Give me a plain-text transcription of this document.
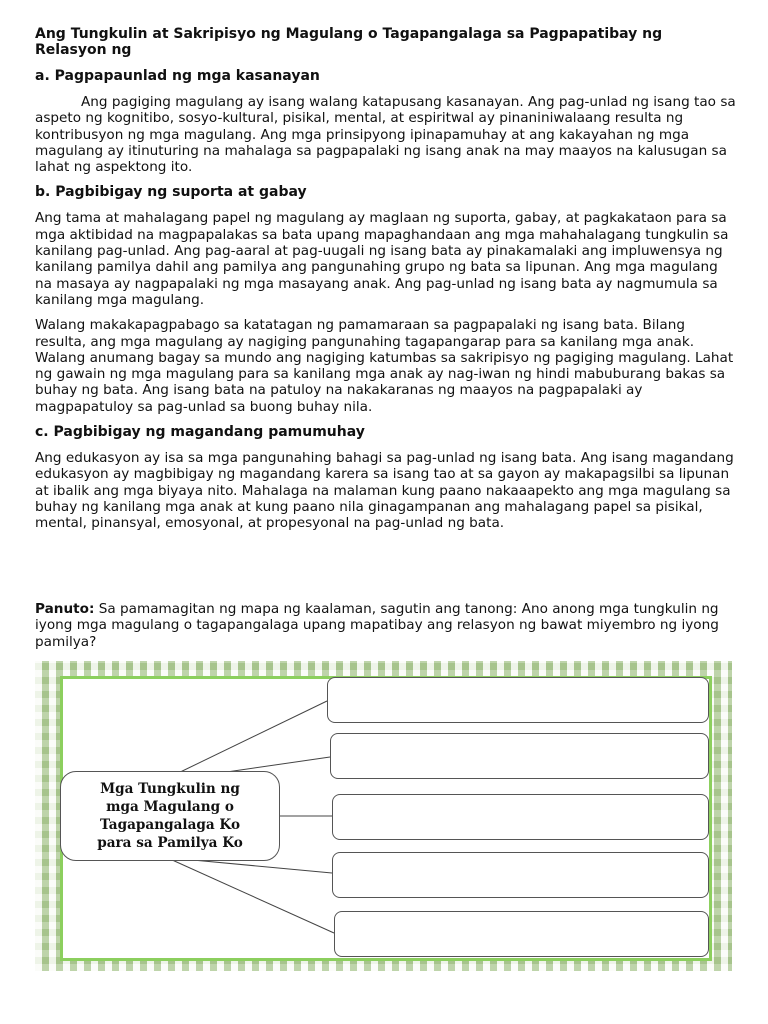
Ang Tungkulin at Sakripisyo ng Magulang o Tagapangalaga sa Pagpapatibay ng Relasyon ng

a. Pagpapaunlad ng mga kasanayan

Ang pagiging magulang ay isang walang katapusang kasanayan. Ang pag-unlad ng isang tao sa aspeto ng kognitibo, sosyo-kultural, pisikal, mental, at espiritwal ay pinaniniwalaang resulta ng kontribusyon ng mga magulang. Ang mga prinsipyong ipinapamuhay at ang kakayahan ng mga magulang ay itinuturing na mahalaga sa pagpapalaki ng isang anak na may maayos na kalusugan sa lahat ng aspektong ito.

b. Pagbibigay ng suporta at gabay

Ang tama at mahalagang papel ng magulang ay maglaan ng suporta, gabay, at pagkakataon para sa mga aktibidad na magpapalakas sa bata upang mapaghandaan ang mga mahahalagang tungkulin sa kanilang pag-unlad. Ang pag-aaral at pag-uugali ng isang bata ay pinakamalaki ang impluwensya ng kanilang pamilya dahil ang pamilya ang pangunahing grupo ng bata sa lipunan. Ang mga magulang na masaya ay nagpapalaki ng mga masayang anak. Ang pag-unlad ng isang bata ay nagmumula sa kanilang mga magulang.

Walang makakapagpabago sa katatagan ng pamamaraan sa pagpapalaki ng isang bata. Bilang resulta, ang mga magulang ay nagiging pangunahing tagapangarap para sa kanilang mga anak. Walang anumang bagay sa mundo ang nagiging katumbas sa sakripisyo ng pagiging magulang. Lahat ng gawain ng mga magulang para sa kanilang mga anak ay nag-iwan ng hindi mabuburang bakas sa buhay ng bata. Ang isang bata na patuloy na nakakaranas ng maayos na pagpapalaki ay magpapatuloy sa pag-unlad sa buong buhay nila.

c. Pagbibigay ng magandang pamumuhay

Ang edukasyon ay isa sa mga pangunahing bahagi sa pag-unlad ng isang bata. Ang isang magandang edukasyon ay magbibigay ng magandang karera sa isang tao at sa gayon ay makapagsilbi sa lipunan at ibalik ang mga biyaya nito. Mahalaga na malaman kung paano nakaaapekto ang mga magulang sa buhay ng kanilang mga anak at kung paano nila ginagampanan ang mahalagang papel sa pisikal, mental, pinansyal, emosyonal, at propesyonal na pag-unlad ng bata.

Panuto: Sa pamamagitan ng mapa ng kaalaman, sagutin ang tanong: Ano anong mga tungkulin ng iyong mga magulang o tagapangalaga upang mapatibay ang relasyon ng bawat miyembro ng iyong pamilya?

Mga Tungkulin ng mga Magulang o Tagapangalaga Ko para sa Pamilya Ko
